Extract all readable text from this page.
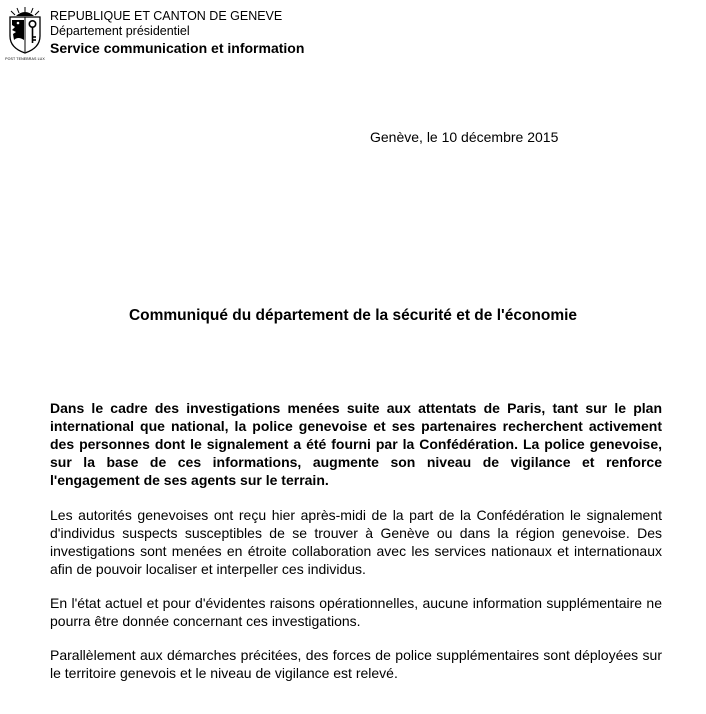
POST TENEBRAS LUX
REPUBLIQUE ET CANTON DE GENEVE
Département présidentiel
Service communication et information
Genève, le 10 décembre 2015
Communiqué du département de la sécurité et de l'économie

Dans le cadre des investigations menées suite aux attentats de Paris, tant sur le plan international que national, la police genevoise et ses partenaires recherchent activement des personnes dont le signalement a été fourni par la Confédération. La police genevoise, sur la base de ces informations, augmente son niveau de vigilance et renforce l'engagement de ses agents sur le terrain.

Les autorités genevoises ont reçu hier après-midi de la part de la Confédération le signalement d'individus suspects susceptibles de se trouver à Genève ou dans la région genevoise. Des investigations sont menées en étroite collaboration avec les services nationaux et internationaux afin de pouvoir localiser et interpeller ces individus.

En l'état actuel et pour d'évidentes raisons opérationnelles, aucune information supplémentaire ne pourra être donnée concernant ces investigations.

Parallèlement aux démarches précitées, des forces de police supplémentaires sont déployées sur le territoire genevois et le niveau de vigilance est relevé.
